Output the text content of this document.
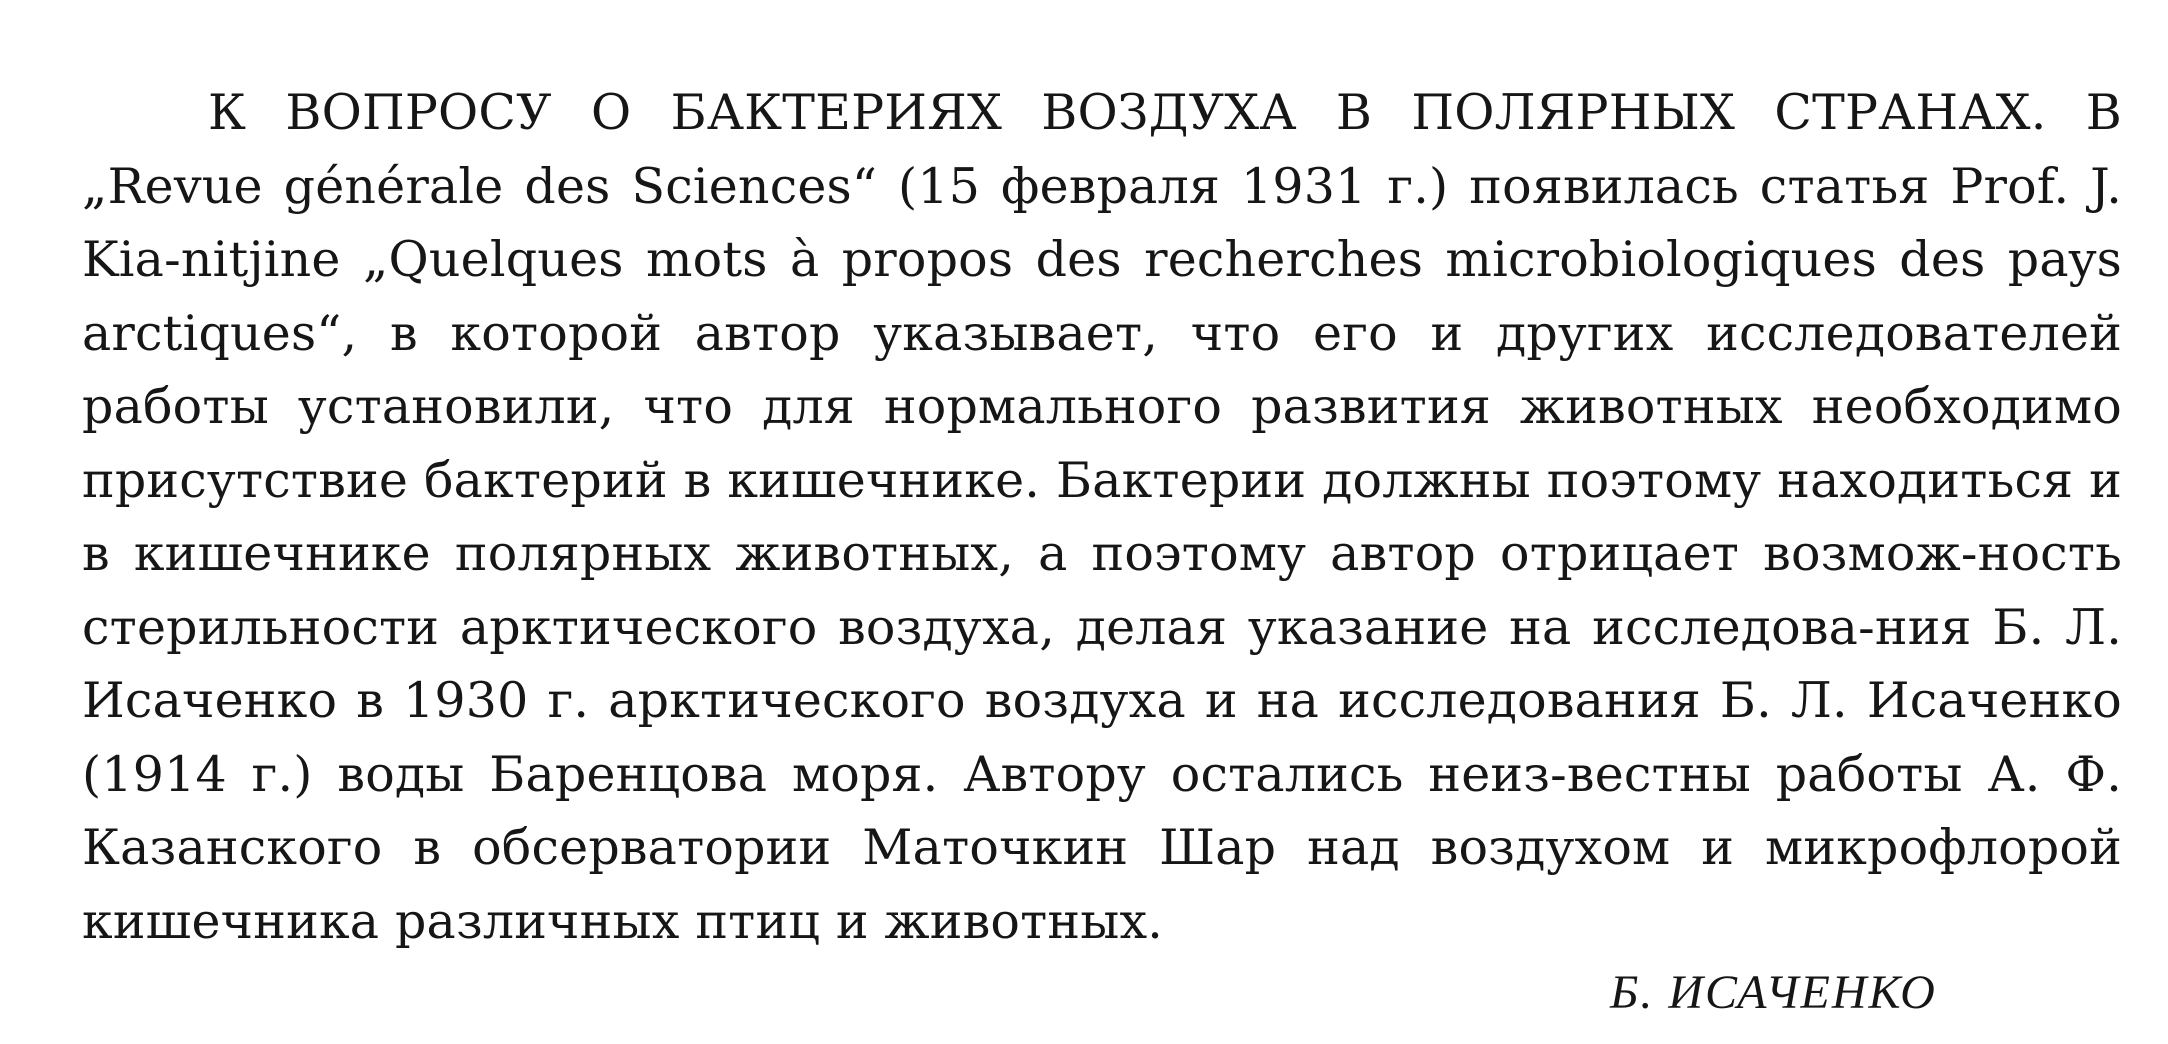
К ВОПРОСУ О БАКТЕРИЯХ ВОЗДУХА В ПОЛЯРНЫХ СТРАНАХ. В „Revue générale des Sciences“ (15 февраля 1931 г.) появилась статья Prof. J. Kia-nitjine „Quelques mots à propos des recherches microbiologiques des pays arctiques“, в которой автор указывает, что его и других исследователей работы установили, что для нормального развития животных необходимо присутствие бактерий в кишечнике. Бактерии должны поэтому находиться и в кишечнике полярных животных, а поэтому автор отрицает возмож-ность стерильности арктического воздуха, делая указание на исследова-ния Б. Л. Исаченко в 1930 г. арктического воздуха и на исследования Б. Л. Исаченко (1914 г.) воды Баренцова моря. Автору остались неиз-вестны работы А. Ф. Казанского в обсерватории Маточкин Шар над воздухом и микрофлорой кишечника различных птиц и животных.

Б. ИСАЧЕНКО
